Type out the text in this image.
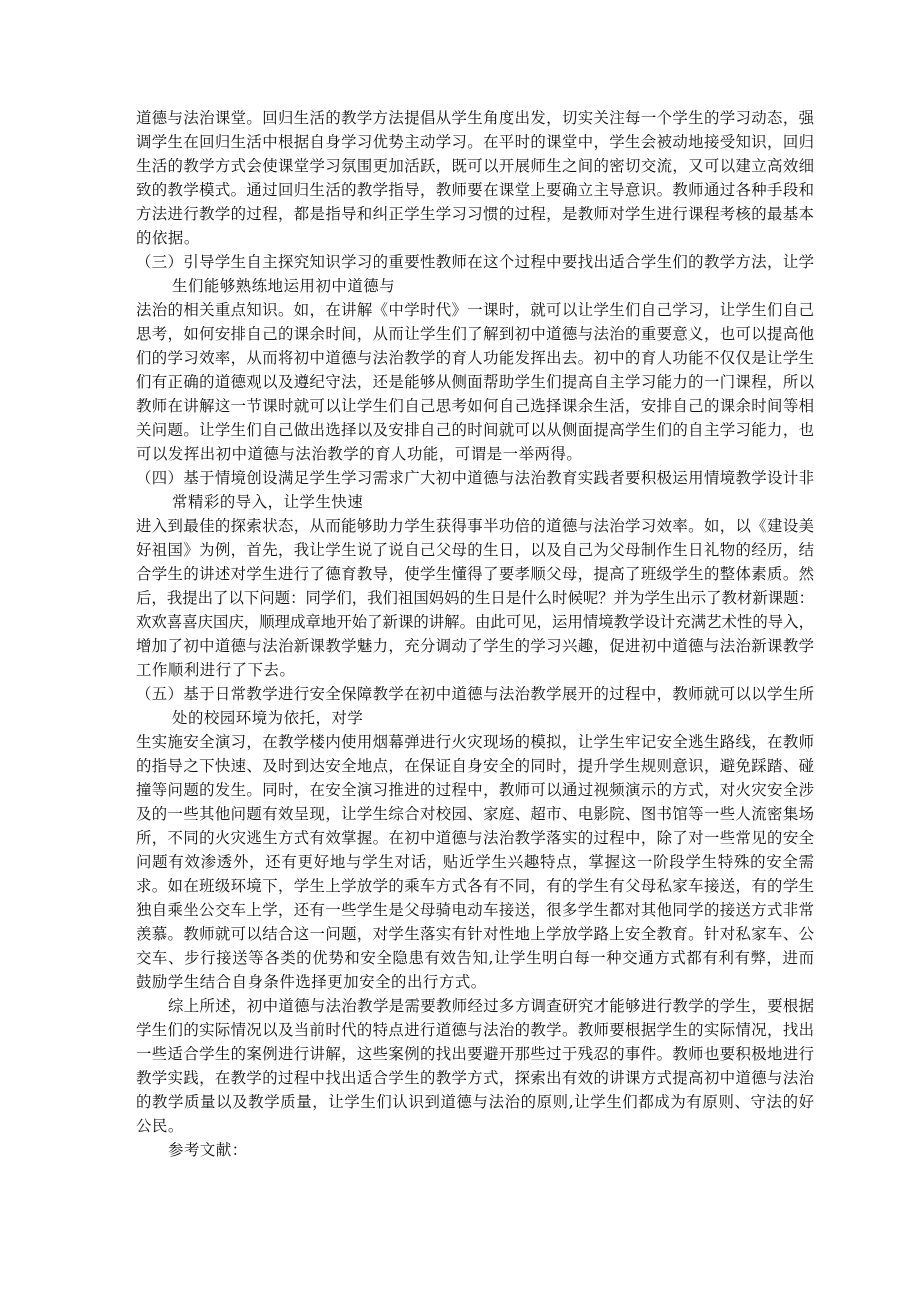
道德与法治课堂。回归生活的教学方法提倡从学生角度出发，切实关注每一个学生的学习动态，强
调学生在回归生活中根据自身学习优势主动学习。在平时的课堂中，学生会被动地接受知识，回归
生活的教学方式会使课堂学习氛围更加活跃，既可以开展师生之间的密切交流，又可以建立高效细
致的教学模式。通过回归生活的教学指导，教师要在课堂上要确立主导意识。教师通过各种手段和
方法进行教学的过程，都是指导和纠正学生学习习惯的过程，是教师对学生进行课程考核的最基本
的依据。
（三）引导学生自主探究知识学习的重要性教师在这个过程中要找出适合学生们的教学方法，让学
生们能够熟练地运用初中道德与
法治的相关重点知识。如，在讲解《中学时代》一课时，就可以让学生们自己学习，让学生们自己
思考，如何安排自己的课余时间，从而让学生们了解到初中道德与法治的重要意义，也可以提高他
们的学习效率，从而将初中道德与法治教学的育人功能发挥出去。初中的育人功能不仅仅是让学生
们有正确的道德观以及遵纪守法，还是能够从侧面帮助学生们提高自主学习能力的一门课程，所以
教师在讲解这一节课时就可以让学生们自己思考如何自己选择课余生活，安排自己的课余时间等相
关问题。让学生们自己做出选择以及安排自己的时间就可以从侧面提高学生们的自主学习能力，也
可以发挥出初中道德与法治教学的育人功能，可谓是一举两得。
（四）基于情境创设满足学生学习需求广大初中道德与法治教育实践者要积极运用情境教学设计非
常精彩的导入，让学生快速
进入到最佳的探索状态，从而能够助力学生获得事半功倍的道德与法治学习效率。如，以《建设美
好祖国》为例，首先，我让学生说了说自己父母的生日，以及自己为父母制作生日礼物的经历，结
合学生的讲述对学生进行了德育教导，使学生懂得了要孝顺父母，提高了班级学生的整体素质。然
后，我提出了以下问题：同学们，我们祖国妈妈的生日是什么时候呢？并为学生出示了教材新课题：
欢欢喜喜庆国庆，顺理成章地开始了新课的讲解。由此可见，运用情境教学设计充满艺术性的导入，
增加了初中道德与法治新课教学魅力，充分调动了学生的学习兴趣，促进初中道德与法治新课教学
工作顺利进行了下去。
（五）基于日常教学进行安全保障教学在初中道德与法治教学展开的过程中，教师就可以以学生所
处的校园环境为依托，对学
生实施安全演习，在教学楼内使用烟幕弹进行火灾现场的模拟，让学生牢记安全逃生路线，在教师
的指导之下快速、及时到达安全地点，在保证自身安全的同时，提升学生规则意识，避免踩踏、碰
撞等问题的发生。同时，在安全演习推进的过程中，教师可以通过视频演示的方式，对火灾安全涉
及的一些其他问题有效呈现，让学生综合对校园、家庭、超市、电影院、图书馆等一些人流密集场
所，不同的火灾逃生方式有效掌握。在初中道德与法治教学落实的过程中，除了对一些常见的安全
问题有效渗透外，还有更好地与学生对话，贴近学生兴趣特点，掌握这一阶段学生特殊的安全需
求。如在班级环境下，学生上学放学的乘车方式各有不同，有的学生有父母私家车接送，有的学生
独自乘坐公交车上学，还有一些学生是父母骑电动车接送，很多学生都对其他同学的接送方式非常
羡慕。教师就可以结合这一问题，对学生落实有针对性地上学放学路上安全教育。针对私家车、公
交车、步行接送等各类的优势和安全隐患有效告知,让学生明白每一种交通方式都有利有弊，进而
鼓励学生结合自身条件选择更加安全的出行方式。
综上所述，初中道德与法治教学是需要教师经过多方调查研究才能够进行教学的学生，要根据
学生们的实际情况以及当前时代的特点进行道德与法治的教学。教师要根据学生的实际情况，找出
一些适合学生的案例进行讲解，这些案例的找出要避开那些过于残忍的事件。教师也要积极地进行
教学实践，在教学的过程中找出适合学生的教学方式，探索出有效的讲课方式提高初中道德与法治
的教学质量以及教学质量，让学生们认识到道德与法治的原则,让学生们都成为有原则、守法的好
公民。
参考文献：
